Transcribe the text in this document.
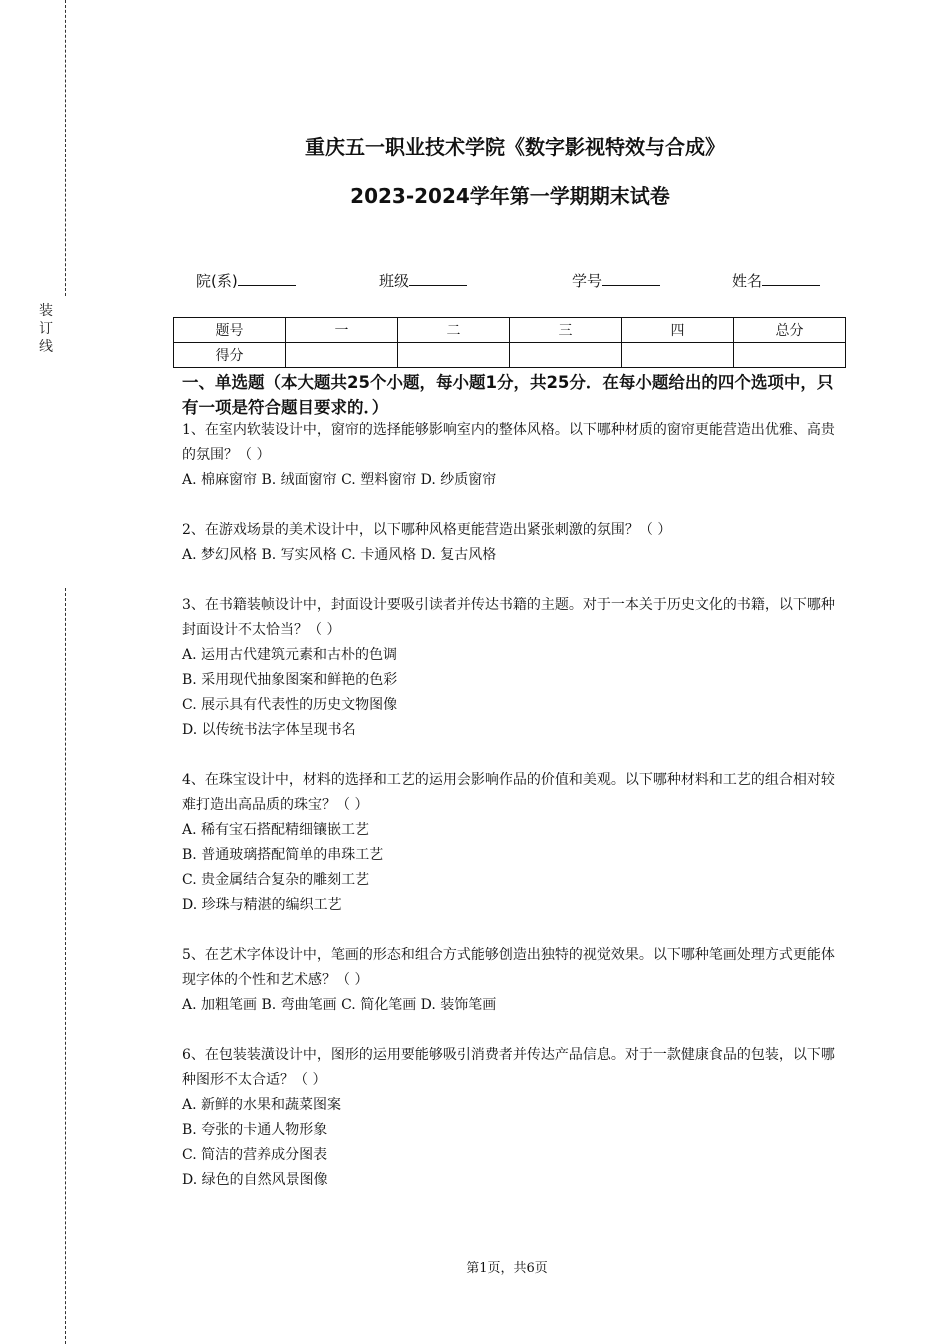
装
订
线
重庆五一职业技术学院《数字影视特效与合成》
2023-2024学年第一学期期末试卷
院(系)	班级	学号	姓名
题号	一	二	三	四	总分
得分					
一、单选题（本大题共25个小题，每小题1分，共25分．在每小题给出的四个选项中，只有一项是符合题目要求的．）

1、在室内软装设计中，窗帘的选择能够影响室内的整体风格。以下哪种材质的窗帘更能营造出优雅、高贵的氛围？（ ）

A. 棉麻窗帘 B. 绒面窗帘 C. 塑料窗帘 D. 纱质窗帘

2、在游戏场景的美术设计中，以下哪种风格更能营造出紧张刺激的氛围？（ ）

A. 梦幻风格 B. 写实风格 C. 卡通风格 D. 复古风格

3、在书籍装帧设计中，封面设计要吸引读者并传达书籍的主题。对于一本关于历史文化的书籍，以下哪种封面设计不太恰当？（ ）

A. 运用古代建筑元素和古朴的色调

B. 采用现代抽象图案和鲜艳的色彩

C. 展示具有代表性的历史文物图像

D. 以传统书法字体呈现书名

4、在珠宝设计中，材料的选择和工艺的运用会影响作品的价值和美观。以下哪种材料和工艺的组合相对较难打造出高品质的珠宝？（ ）

A. 稀有宝石搭配精细镶嵌工艺

B. 普通玻璃搭配简单的串珠工艺

C. 贵金属结合复杂的雕刻工艺

D. 珍珠与精湛的编织工艺

5、在艺术字体设计中，笔画的形态和组合方式能够创造出独特的视觉效果。以下哪种笔画处理方式更能体现字体的个性和艺术感？（ ）

A. 加粗笔画 B. 弯曲笔画 C. 简化笔画 D. 装饰笔画

6、在包装装潢设计中，图形的运用要能够吸引消费者并传达产品信息。对于一款健康食品的包装，以下哪种图形不太合适？（ ）

A. 新鲜的水果和蔬菜图案

B. 夸张的卡通人物形象

C. 简洁的营养成分图表

D. 绿色的自然风景图像

第1页，共6页
